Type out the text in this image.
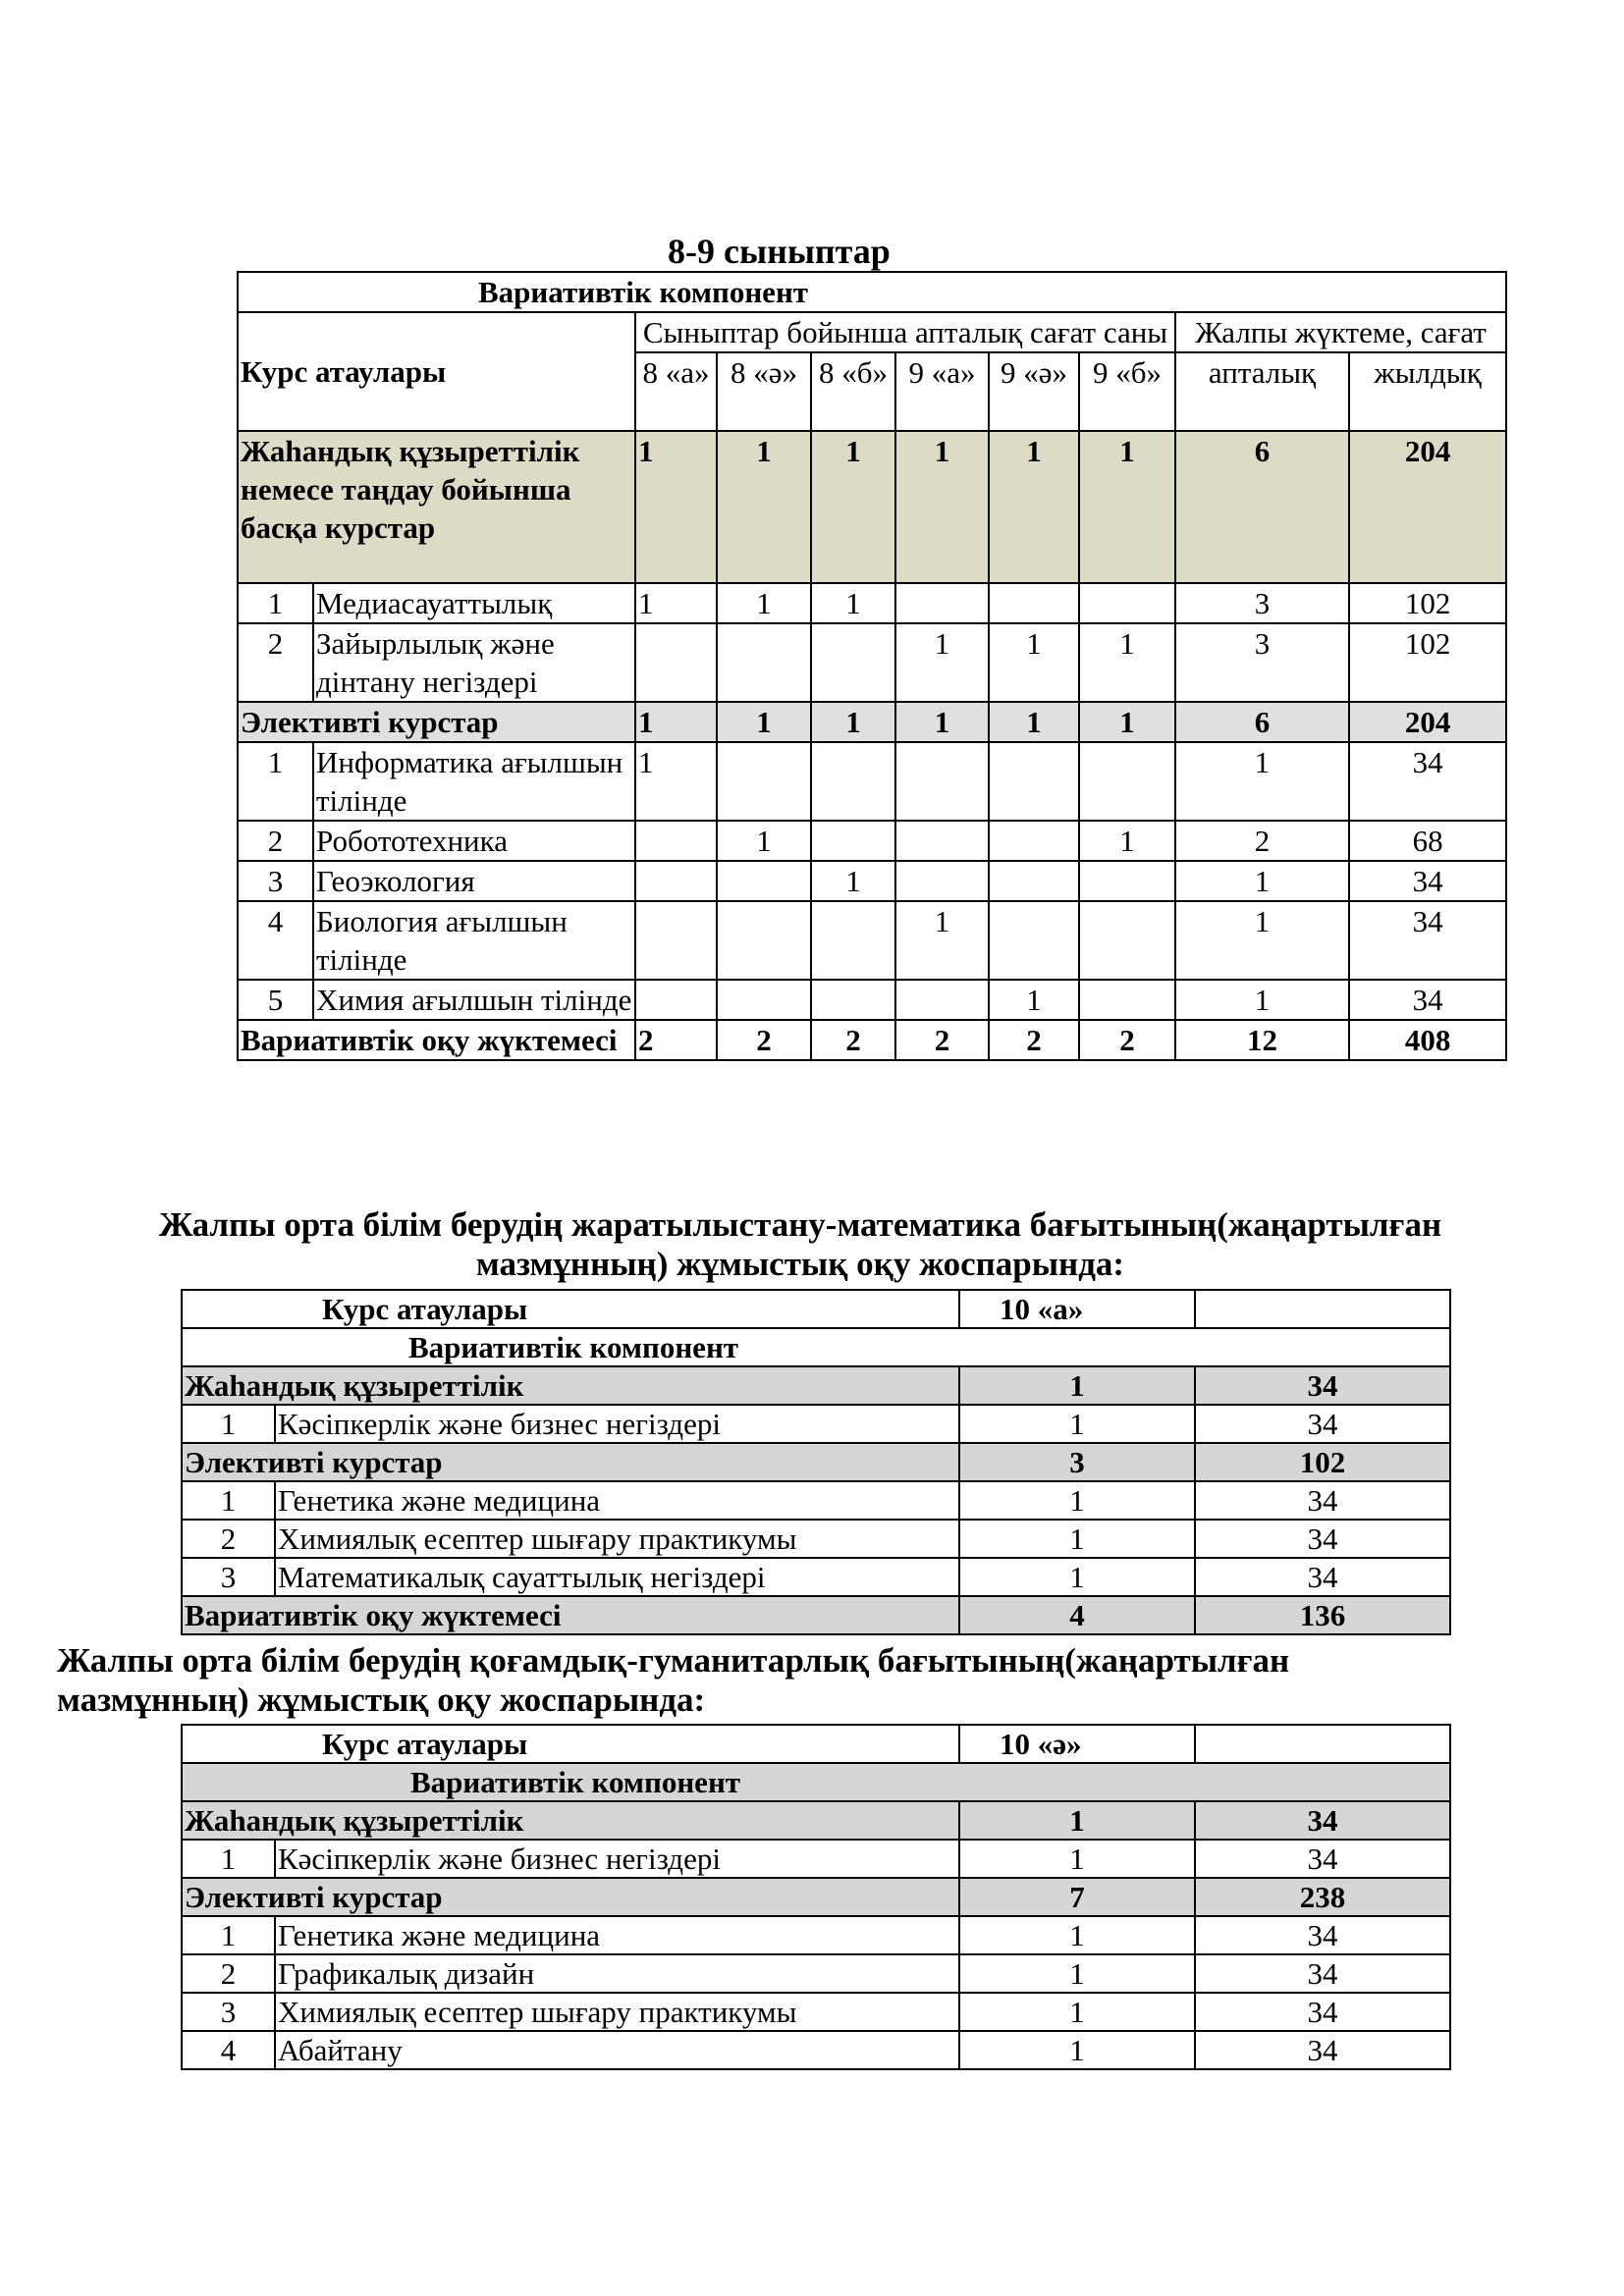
8-9 сыныптар
Вариативтік компонент									
Курс атаулары		Сыныптар бойынша апталық сағат саны						Жалпы жүктеме, сағат	
		8 «а»	8 «ә»	8 «б»	9 «а»	9 «ә»	9 «б»	апталық	жылдық
Жаһандық құзыреттілік немесе таңдау бойынша басқа курстар		1	1	1	1	1	1	6	204
1	Медиасауаттылық	1	1	1				3	102
2	Зайырлылық және дінтану негіздері				1	1	1	3	102
Элективті курстар		1	1	1	1	1	1	6	204
1	Информатика ағылшын тілінде	1						1	34
2	Робототехника		1				1	2	68
3	Геоэкология			1				1	34
4	Биология ағылшын тілінде				1			1	34
5	Химия ағылшын тілінде					1		1	34
Вариативтік оқу жүктемесі		2	2	2	2	2	2	12	408
Жалпы орта білім берудің жаратылыстану-математика бағытының(жаңартылған мазмұнның) жұмыстық оқу жоспарында:
Курс атаулары		10 «а»	
Вариативтік компонент			
Жаһандық құзыреттілік		1	34
1	Кәсіпкерлік және бизнес негіздері	1	34
Элективті курстар		3	102
1	Генетика және медицина	1	34
2	Химиялық есептер шығару практикумы	1	34
3	Математикалық сауаттылық негіздері	1	34
Вариативтік оқу жүктемесі		4	136
Жалпы орта білім берудің қоғамдық-гуманитарлық бағытының(жаңартылған мазмұнның) жұмыстық оқу жоспарында:
Курс атаулары		10 «ә»	
Вариативтік компонент			
Жаһандық құзыреттілік		1	34
1	Кәсіпкерлік және бизнес негіздері	1	34
Элективті курстар		7	238
1	Генетика және медицина	1	34
2	Графикалық дизайн	1	34
3	Химиялық есептер шығару практикумы	1	34
4	Абайтану	1	34
